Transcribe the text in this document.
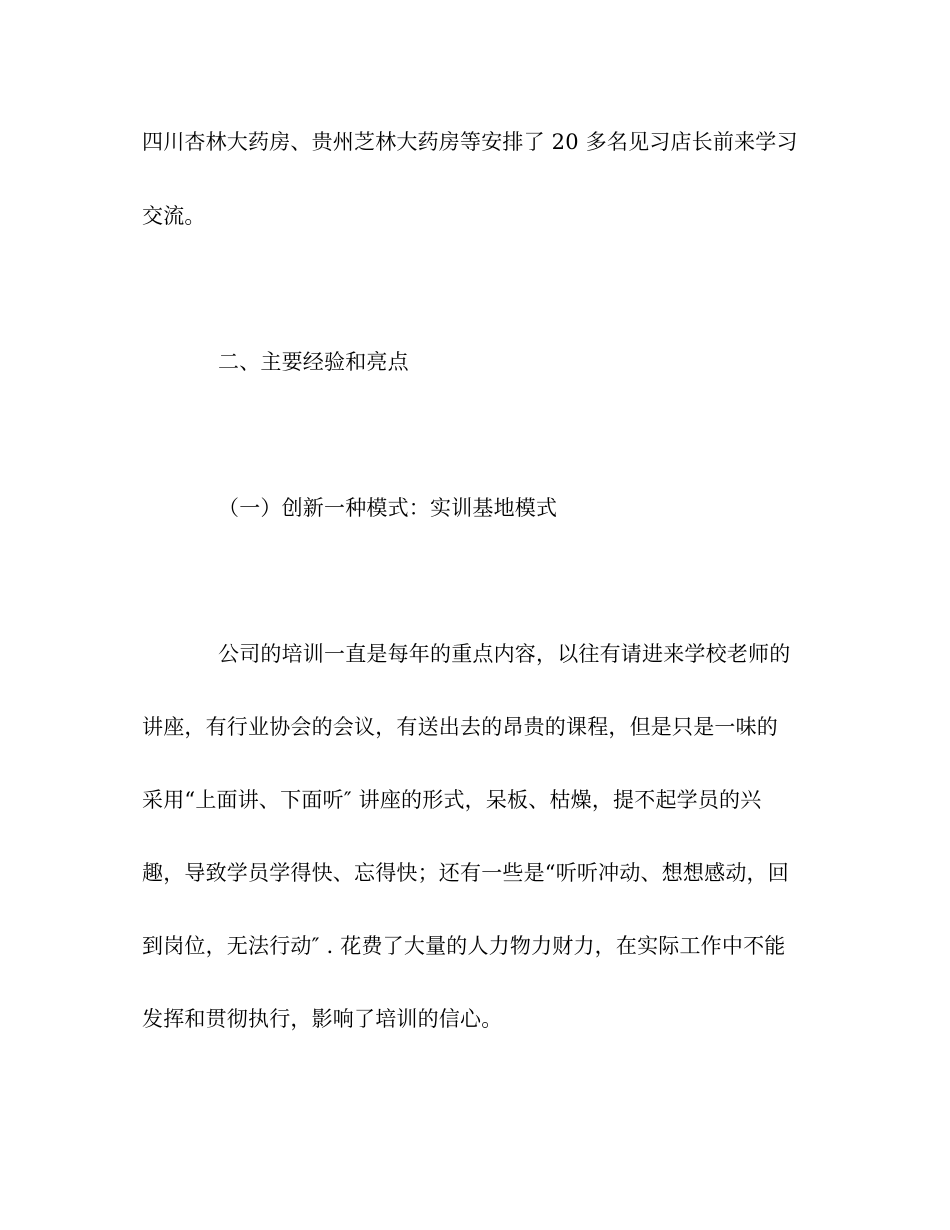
四川杏林大药房、贵州芝林大药房等安排了 20 多名见习店长前来学习
交流。
二、主要经验和亮点
（一）创新一种模式：实训基地模式
公司的培训一直是每年的重点内容，以往有请进来学校老师的
讲座，有行业协会的会议，有送出去的昂贵的课程，但是只是一味的
采用“上面讲、下面听″ 讲座的形式，呆板、枯燥，提不起学员的兴
趣，导致学员学得快、忘得快；还有一些是“听听冲动、想想感动，回
到岗位，无法行动″ . 花费了大量的人力物力财力，在实际工作中不能
发挥和贯彻执行，影响了培训的信心。
